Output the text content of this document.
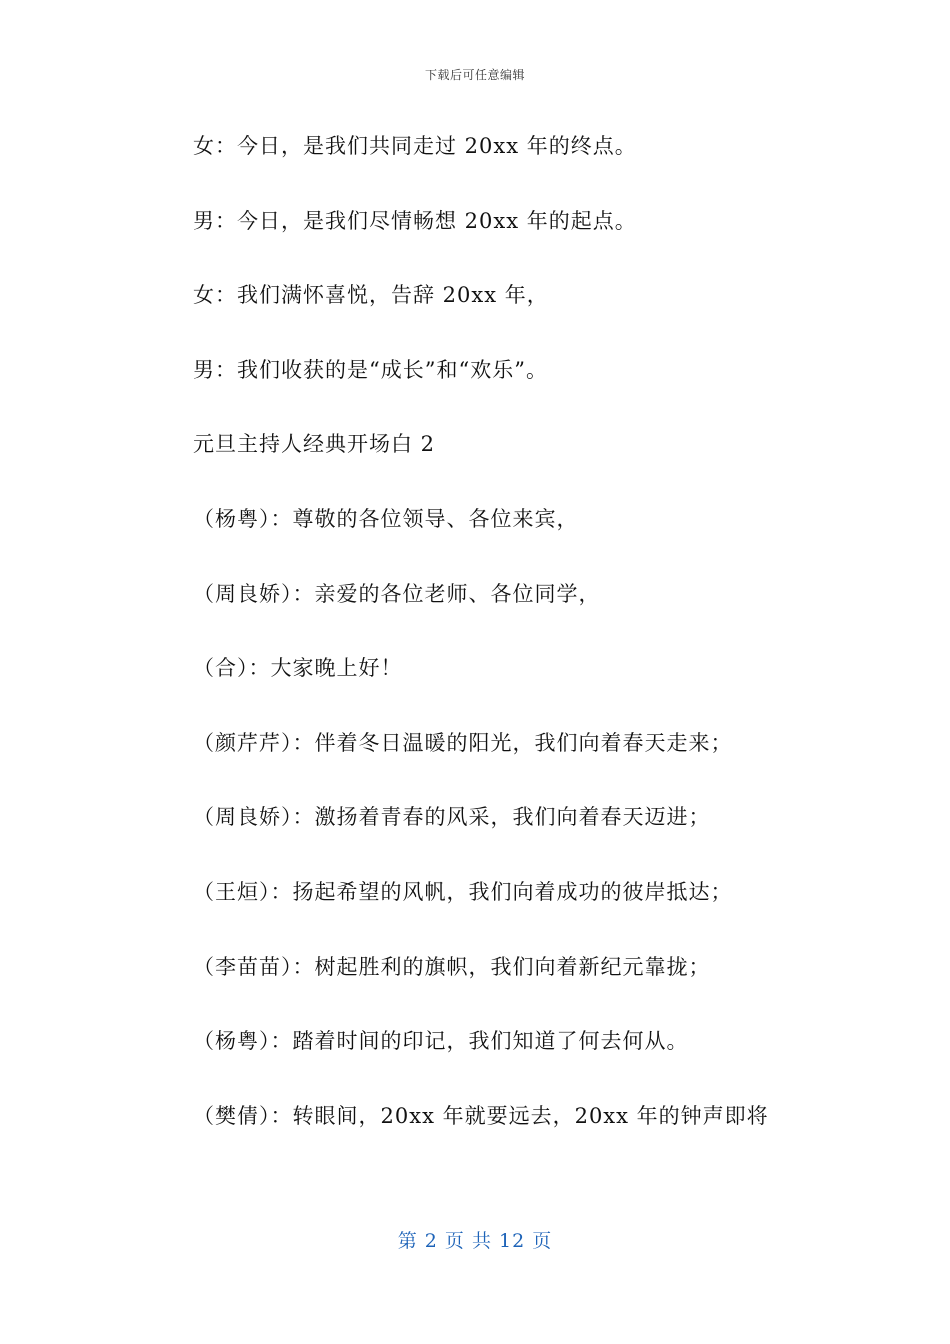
下载后可任意编辑
女：今日，是我们共同走过 20xx 年的终点。
男：今日，是我们尽情畅想 20xx 年的起点。
女：我们满怀喜悦，告辞 20xx 年，
男：我们收获的是“成长”和“欢乐”。
元旦主持人经典开场白 2
（杨粤）：尊敬的各位领导、各位来宾，
（周良娇）：亲爱的各位老师、各位同学，
（合）：大家晚上好！
（颜芹芹）：伴着冬日温暖的阳光，我们向着春天走来；
（周良娇）：激扬着青春的风采，我们向着春天迈进；
（王烜）：扬起希望的风帆，我们向着成功的彼岸抵达；
（李苗苗）：树起胜利的旗帜，我们向着新纪元靠拢；
（杨粤）：踏着时间的印记，我们知道了何去何从。
（樊倩）：转眼间，20xx 年就要远去，20xx 年的钟声即将
第 2 页 共 12 页
